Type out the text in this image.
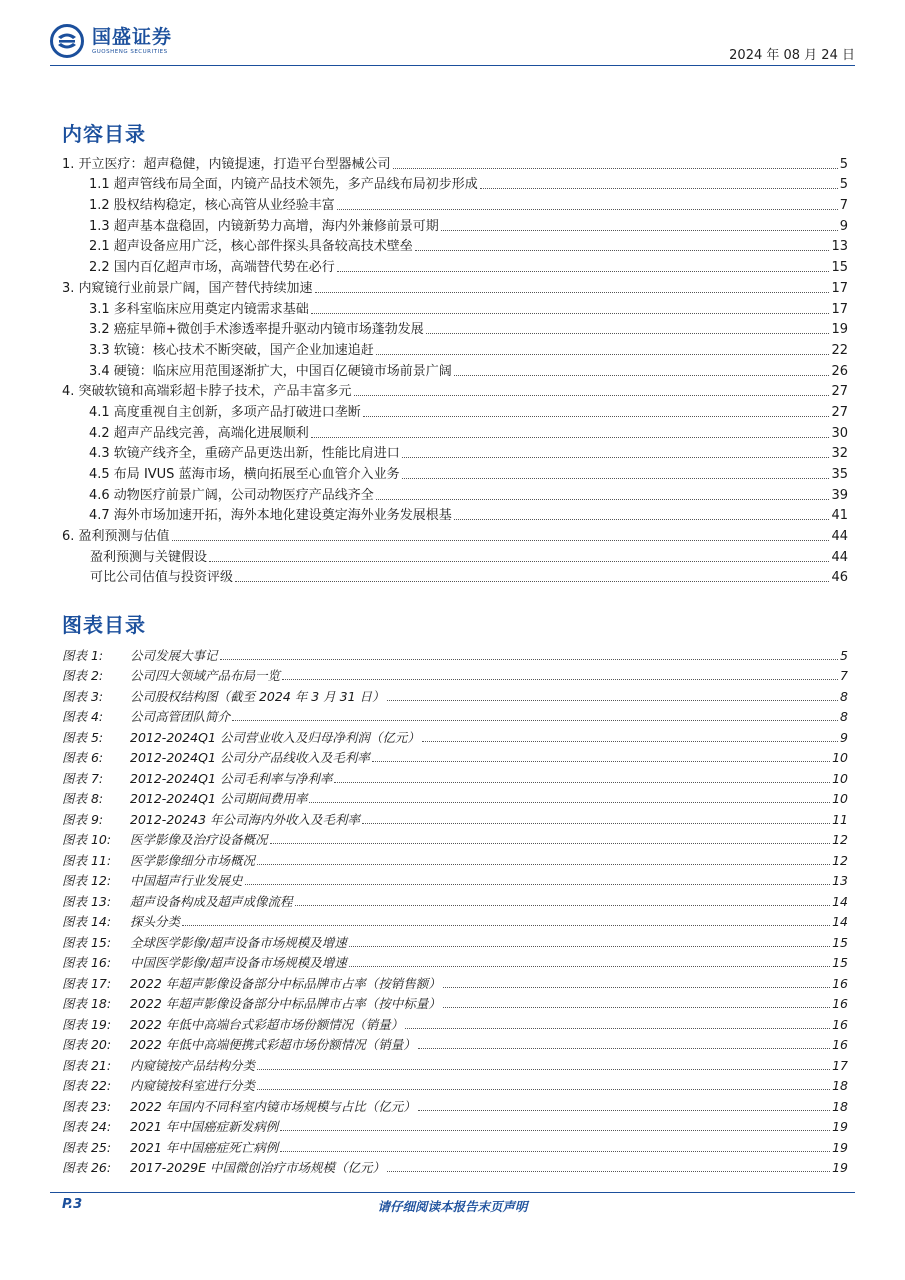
国盛证券
GUOSHENG SECURITIES	2024 年 08 月 24 日
内容目录
1. 开立医疗：超声稳健，内镜提速，打造平台型器械公司	5
1.1 超声管线布局全面，内镜产品技术领先，多产品线布局初步形成	5
1.2 股权结构稳定，核心高管从业经验丰富	7
1.3 超声基本盘稳固，内镜新势力高增，海内外兼修前景可期	9
2.1 超声设备应用广泛，核心部件探头具备较高技术壁垒	13
2.2 国内百亿超声市场，高端替代势在必行	15
3. 内窥镜行业前景广阔，国产替代持续加速	17
3.1 多科室临床应用奠定内镜需求基础	17
3.2 癌症早筛+微创手术渗透率提升驱动内镜市场蓬勃发展	19
3.3 软镜：核心技术不断突破，国产企业加速追赶	22
3.4 硬镜：临床应用范围逐渐扩大，中国百亿硬镜市场前景广阔	26
4. 突破软镜和高端彩超卡脖子技术，产品丰富多元	27
4.1 高度重视自主创新，多项产品打破进口垄断	27
4.2 超声产品线完善，高端化进展顺利	30
4.3 软镜产线齐全，重磅产品更迭出新，性能比肩进口	32
4.5 布局 IVUS 蓝海市场，横向拓展至心血管介入业务	35
4.6 动物医疗前景广阔，公司动物医疗产品线齐全	39
4.7 海外市场加速开拓，海外本地化建设奠定海外业务发展根基	41
6. 盈利预测与估值	44
盈利预测与关键假设	44
可比公司估值与投资评级	46
图表目录
图表 1:	公司发展大事记	5
图表 2:	公司四大领域产品布局一览	7
图表 3:	公司股权结构图（截至 2024 年 3 月 31 日）	8
图表 4:	公司高管团队简介	8
图表 5:	2012-2024Q1 公司营业收入及归母净利润（亿元）	9
图表 6:	2012-2024Q1 公司分产品线收入及毛利率	10
图表 7:	2012-2024Q1 公司毛利率与净利率	10
图表 8:	2012-2024Q1 公司期间费用率	10
图表 9:	2012-20243 年公司海内外收入及毛利率	11
图表 10:	医学影像及治疗设备概况	12
图表 11:	医学影像细分市场概况	12
图表 12:	中国超声行业发展史	13
图表 13:	超声设备构成及超声成像流程	14
图表 14:	探头分类	14
图表 15:	全球医学影像/超声设备市场规模及增速	15
图表 16:	中国医学影像/超声设备市场规模及增速	15
图表 17:	2022 年超声影像设备部分中标品牌市占率（按销售额）	16
图表 18:	2022 年超声影像设备部分中标品牌市占率（按中标量）	16
图表 19:	2022 年低中高端台式彩超市场份额情况（销量）	16
图表 20:	2022 年低中高端便携式彩超市场份额情况（销量）	16
图表 21:	内窥镜按产品结构分类	17
图表 22:	内窥镜按科室进行分类	18
图表 23:	2022 年国内不同科室内镜市场规模与占比（亿元）	18
图表 24:	2021 年中国癌症新发病例	19
图表 25:	2021 年中国癌症死亡病例	19
图表 26:	2017-2029E 中国微创治疗市场规模（亿元）	19
请仔细阅读本报告末页声明
P.3
